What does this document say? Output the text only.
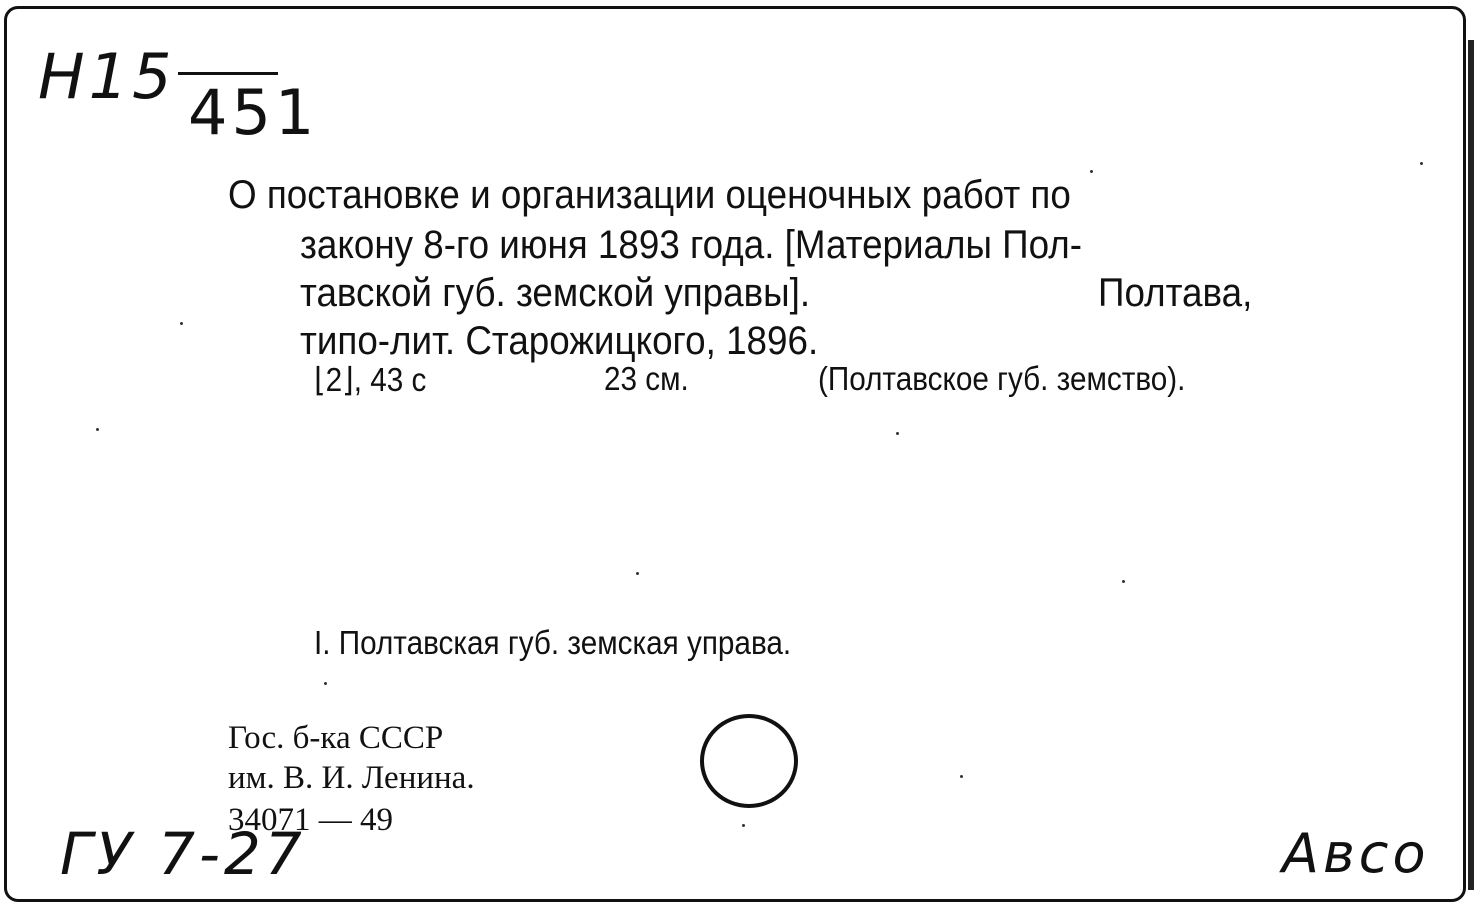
Н15 451
О постановке и организации оценочных работ по
закону 8-го июня 1893 года. [Материалы Пол-
тавской губ. земской управы].	Полтава,
типо-лит. Старожицкого, 1896.
⌊2⌋, 43 с	23 см.	(Полтавское губ. земство).
I. Полтавская губ. земская управа.
Гос. б-ка СССР
им. В. И. Ленина.
34071 — 49
ГУ 7-27	Авсо
